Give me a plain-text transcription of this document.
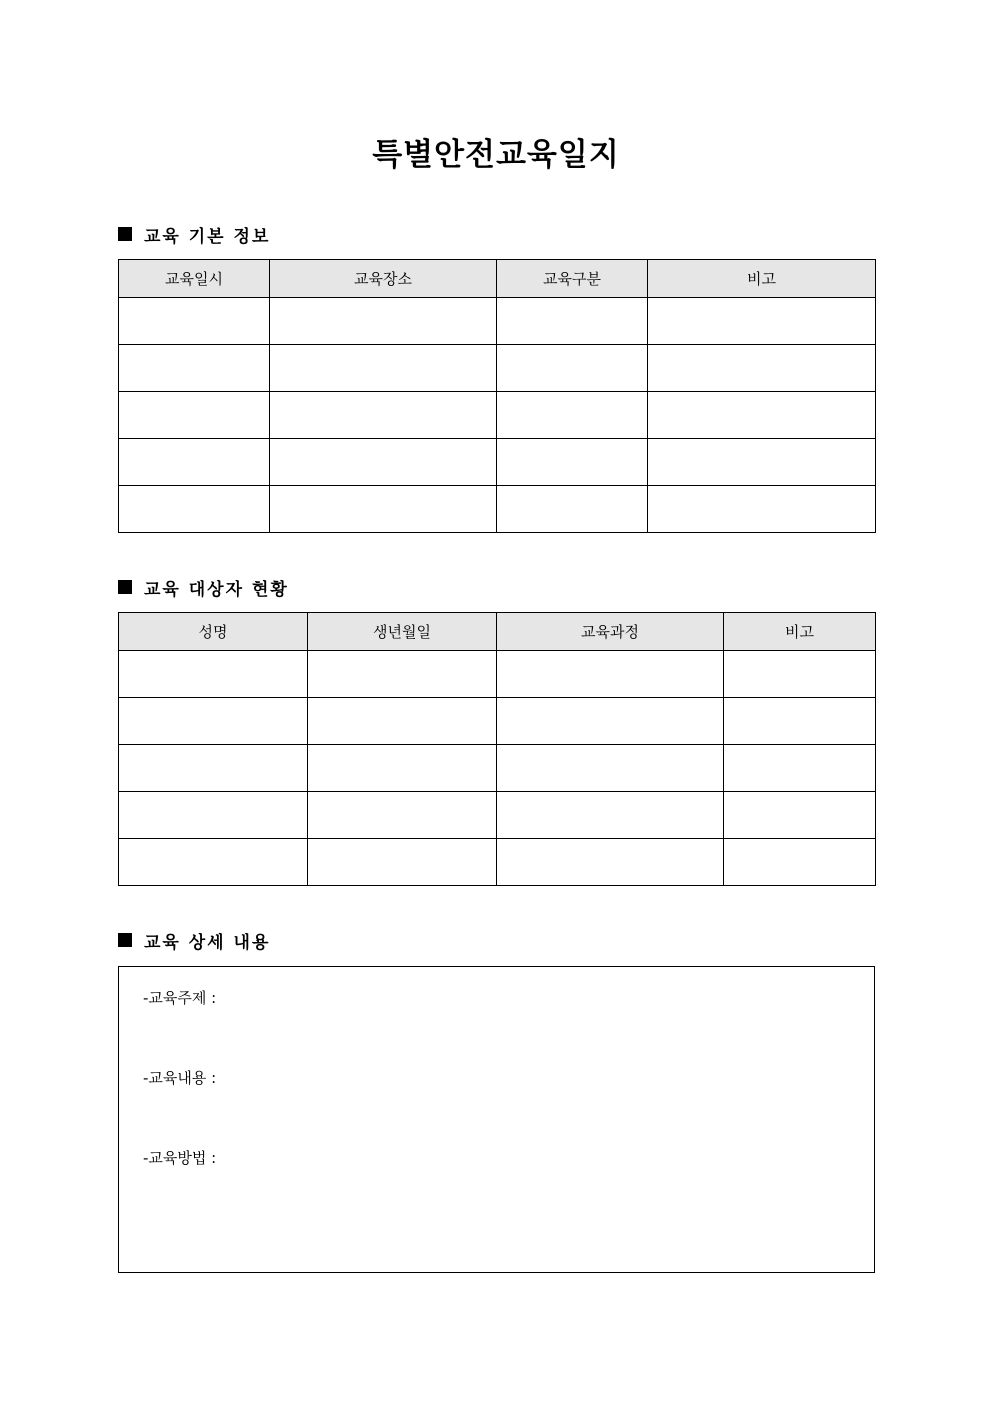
특별안전교육일지
교육 기본 정보
교육일시	교육장소	교육구분	비고

교육 대상자 현황
성명	생년월일	교육과정	비고

교육 상세 내용
-교육주제 :
-교육내용 :
-교육방법 :
